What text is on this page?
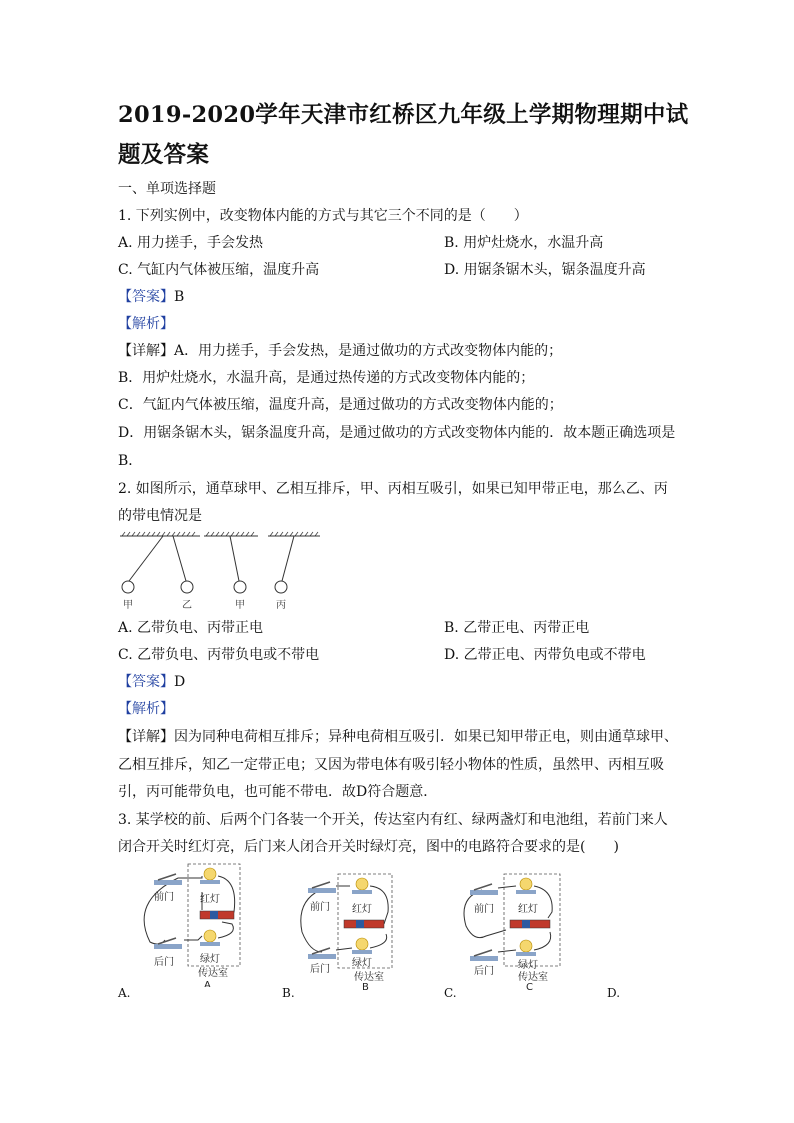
2019-2020学年天津市红桥区九年级上学期物理期中试题及答案
一、单项选择题
1. 下列实例中，改变物体内能的方式与其它三个不同的是（　　）
A. 用力搓手，手会发热	B. 用炉灶烧水，水温升高
C. 气缸内气体被压缩，温度升高	D. 用锯条锯木头，锯条温度升高
【答案】B
【解析】
【详解】A．用力搓手，手会发热，是通过做功的方式改变物体内能的；
B．用炉灶烧水，水温升高，是通过热传递的方式改变物体内能的；
C．气缸内气体被压缩，温度升高，是通过做功的方式改变物体内能的；
D．用锯条锯木头，锯条温度升高，是通过做功的方式改变物体内能的．故本题正确选项是
B．
2. 如图所示，通草球甲、乙相互排斥，甲、丙相互吸引，如果已知甲带正电，那么乙、丙
的带电情况是
甲	乙	甲	丙
A. 乙带负电、丙带正电	B. 乙带正电、丙带正电
C. 乙带负电、丙带负电或不带电	D. 乙带正电、丙带负电或不带电
【答案】D
【解析】
【详解】因为同种电荷相互排斥；异种电荷相互吸引．如果已知甲带正电，则由通草球甲、
乙相互排斥，知乙一定带正电；又因为带电体有吸引轻小物体的性质，虽然甲、丙相互吸
引，丙可能带负电，也可能不带电．故D符合题意．
3. 某学校的前、后两个门各装一个开关，传达室内有红、绿两盏灯和电池组，若前门来人
闭合开关时红灯亮，后门来人闭合开关时绿灯亮，图中的电路符合要求的是(　　)
前门
后门
红灯
绿灯
传达室
A
前门
后门
红灯
绿灯
传达室
B
前门
后门
红灯
绿灯
传达室
C
A.	B.	C.	D.
